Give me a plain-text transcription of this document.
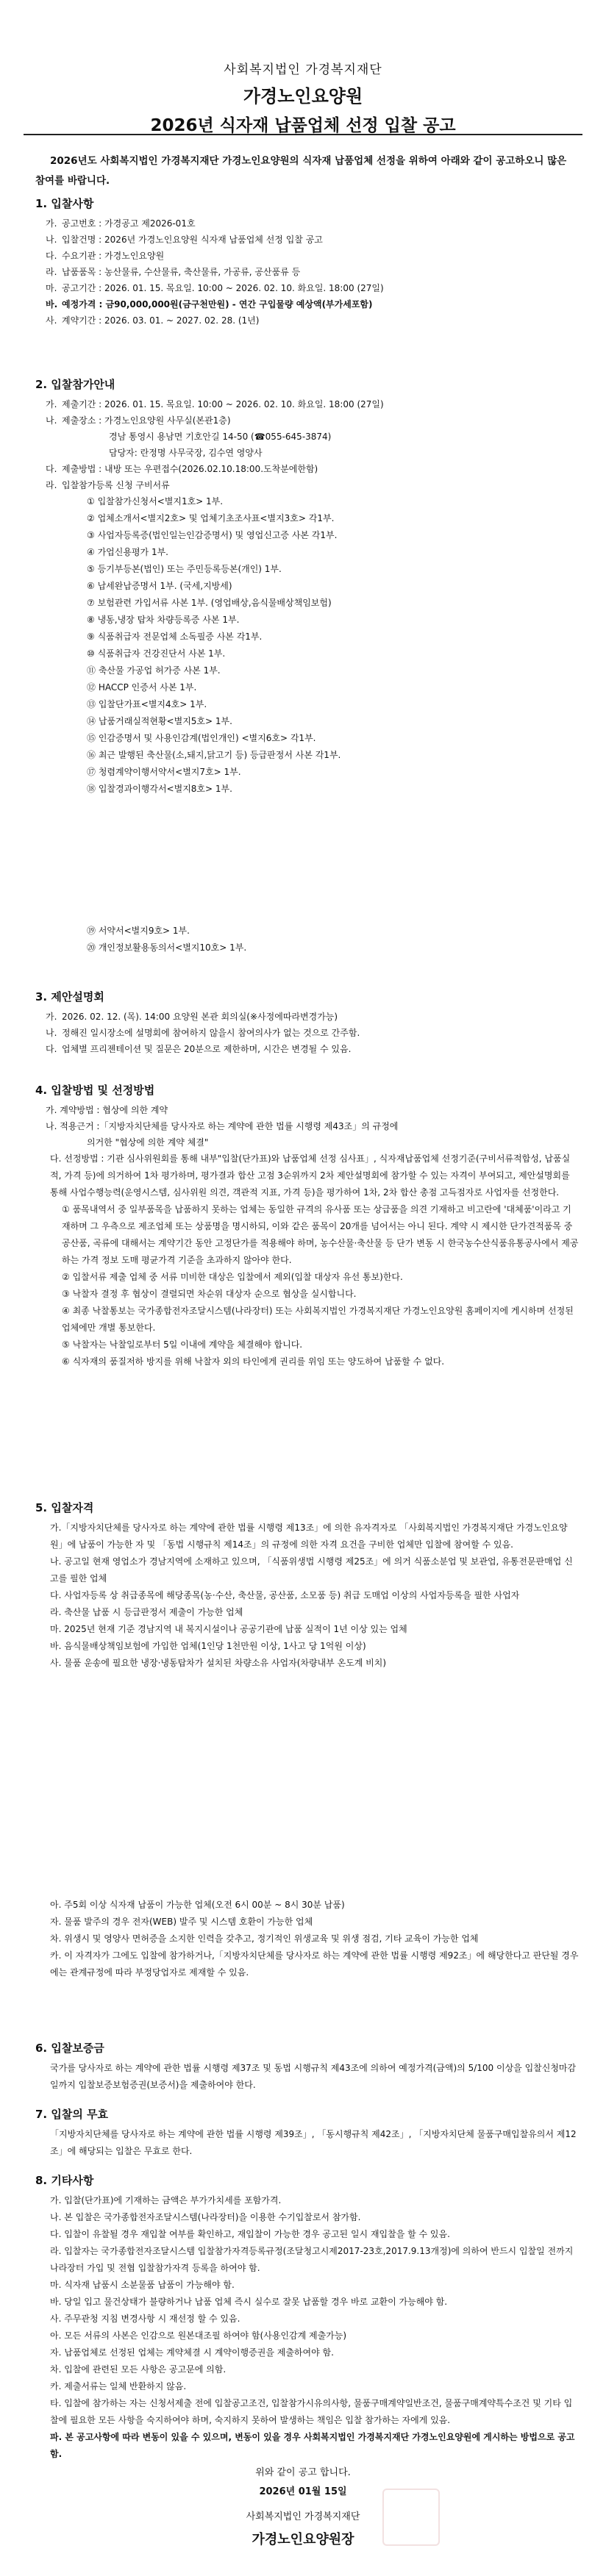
사회복지법인 가경복지재단
가경노인요양원
2026년 식자재 납품업체 선정 입찰 공고
2026년도 사회복지법인 가경복지재단 가경노인요양원의 식자재 납품업체 선정을 위하여 아래와 같이 공고하오니 많은 참여를 바랍니다.
1. 입찰사항
가. 공고번호 : 가경공고 제2026-01호
나. 입찰건명 : 2026년 가경노인요양원 식자재 납품업체 선정 입찰 공고
다. 수요기관 : 가경노인요양원
라. 납품품목 : 농산물류, 수산물류, 축산물류, 가공류, 공산품류 등
마. 공고기간 : 2026. 01. 15. 목요일. 10:00 ~ 2026. 02. 10. 화요일. 18:00 (27일)
바. 예정가격 : 금90,000,000원(금구천만원) - 연간 구입물량 예상액(부가세포함)
사. 계약기간 : 2026. 03. 01. ~ 2027. 02. 28. (1년)
2. 입찰참가안내
가. 제출기간 : 2026. 01. 15. 목요일. 10:00 ~ 2026. 02. 10. 화요일. 18:00 (27일)
나. 제출장소 : 가경노인요양원 사무실(본관1층)
경남 통영시 용남면 기호안길 14-50 (☎055-645-3874)
담당자: 란정명 사무국장, 김수연 영양사
다. 제출방법 : 내방 또는 우편접수(2026.02.10.18:00.도착분에한함)
라. 입찰참가등록 신청 구비서류
① 입찰참가신청서<별지1호> 1부.
② 업체소개서<별지2호> 및 업체기초조사표<별지3호> 각1부.
③ 사업자등록증(법인일는인감증명서) 및 영업신고증 사본 각1부.
④ 가업신용평가 1부.
⑤ 등기부등본(법인) 또는 주민등록등본(개인) 1부.
⑥ 납세완납증명서 1부. (국세,지방세)
⑦ 보험관련 가입서류 사본 1부. (영업배상,음식물배상책임보험)
⑧ 냉동,냉장 탑차 차량등록증 사본 1부.
⑨ 식품취급자 전문업체 소독필증 사본 각1부.
⑩ 식품취급자 건강진단서 사본 1부.
⑪ 축산물 가공업 허가증 사본 1부.
⑫ HACCP 인증서 사본 1부.
⑬ 입찰단가표<별지4호> 1부.
⑭ 납품거래실적현황<별지5호> 1부.
⑮ 인감증명서 및 사용인감계(법인개인) <별지6호> 각1부.
⑯ 최근 발행된 축산물(소,돼지,닭고기 등) 등급판정서 사본 각1부.
⑰ 청렴계약이행서약서<별지7호> 1부.
⑱ 입찰경과이행각서<별지8호> 1부.
⑲ 서약서<별지9호> 1부.
⑳ 개인정보활용동의서<별지10호> 1부.
3. 제안설명회
가. 2026. 02. 12. (목). 14:00 요양원 본관 회의실(※사정에따라변경가능)
나. 정해진 일시장소에 설명회에 참여하지 않을시 참여의사가 없는 것으로 간주함.
다. 업체별 프리젠테이션 및 질문은 20분으로 제한하며, 시간은 변경될 수 있음.
4. 입찰방법 및 선정방법
가. 계약방법 : 협상에 의한 계약
나. 적용근거 :「지방자치단체를 당사자로 하는 계약에 관한 법률 시행령 제43조」의 규정에
의거한 "협상에 의한 계약 체결"
다. 선정방법 : 기관 심사위원회를 통해 내부"입찰(단가표)와 납품업체 선정 심사표」, 식자재납품업체 선정기준(구비서류적합성, 납품실적, 가격 등)에 의거하여 1차 평가하며, 평가결과 합산 고점 3순위까지 2차 제안설명회에 참가할 수 있는 자격이 부여되고, 제안설명회를 통해 사업수행능력(운영시스템, 심사위원 의견, 객관적 지표, 가격 등)을 평가하여 1차, 2차 합산 총점 고득점자로 사업자를 선정한다.
① 품목내역서 중 일부품목을 납품하지 못하는 업체는 동일한 규격의 유사품 또는 상급품을 의견 기재하고 비고란에 '대체품'이라고 기재하며 그 우측으로 제조업체 또는 상품명을 명시하되, 이와 같은 품목이 20개를 넘어서는 아니 된다. 계약 시 제시한 단가견적품목 중 공산품, 곡류에 대해서는 계약기간 동안 고정단가를 적용해야 하며, 농수산물·축산물 등 단가 변동 시 한국농수산식품유통공사에서 제공하는 가격 정보 도매 평균가격 기준을 초과하지 않아야 한다.
② 입찰서류 제출 업체 중 서류 미비한 대상은 입찰에서 제외(입찰 대상자 유선 통보)한다.
③ 낙찰자 결정 후 협상이 결렬되면 차순위 대상자 순으로 협상을 실시합니다.
④ 최종 낙찰통보는 국가종합전자조달시스템(나라장터) 또는 사회복지법인 가경복지재단 가경노인요양원 홈페이지에 게시하며 선정된 업체에만 개별 통보한다.
⑤ 낙찰자는 낙찰일로부터 5일 이내에 계약을 체결해야 합니다.
⑥ 식자재의 품질저하 방지를 위해 낙찰자 외의 타인에게 권리를 위임 또는 양도하여 납품할 수 없다.
5. 입찰자격
가.「지방자치단체를 당사자로 하는 계약에 관한 법률 시행령 제13조」에 의한 유자격자로 「사회복지법인 가경복지재단 가경노인요양원」에 납품이 가능한 자 및 「동법 시행규칙 제14조」의 규정에 의한 자격 요건을 구비한 업체만 입찰에 참여할 수 있음.
나. 공고일 현재 영업소가 경남지역에 소재하고 있으며, 「식품위생법 시행령 제25조」에 의거 식품소분업 및 보관업, 유통전문판매업 신고를 필한 업체
다. 사업자등록 상 취급종목에 해당종목(농·수산, 축산물, 공산품, 소모품 등) 취급 도매업 이상의 사업자등록을 필한 사업자
라. 축산물 납품 시 등급판정서 제출이 가능한 업체
마. 2025년 현재 기준 경남지역 내 복지시설이나 공공기관에 납품 실적이 1년 이상 있는 업체
바. 음식물배상책임보험에 가입한 업체(1인당 1천만원 이상, 1사고 당 1억원 이상)
사. 물품 운송에 필요한 냉장·냉동탑차가 설치된 차량소유 사업자(차량내부 온도계 비치)
아. 주5회 이상 식자재 납품이 가능한 업체(오전 6시 00분 ~ 8시 30분 납품)
자. 물품 발주의 경우 전자(WEB) 발주 및 시스템 호환이 가능한 업체
차. 위생시 및 영양사 면허증을 소지한 인력을 갖추고, 정기적인 위생교육 및 위생 점검, 기타 교육이 가능한 업체
카. 이 자격자가 그에도 입찰에 참가하거나,「지방자치단체를 당사자로 하는 계약에 관한 법률 시행령 제92조」에 해당한다고 판단될 경우에는 관계규정에 따라 부정당업자로 제재할 수 있음.
6. 입찰보증금
국가를 당사자로 하는 계약에 관한 법률 시행령 제37조 및 동법 시행규칙 제43조에 의하여 예정가격(금액)의 5/100 이상을 입찰신청마감일까지 입찰보증보험증권(보증서)을 제출하여야 한다.
7. 입찰의 무효
「지방자치단체를 당사자로 하는 계약에 관한 법률 시행령 제39조」, 「동시행규칙 제42조」, 「지방자치단체 물품구매입찰유의서 제12조」에 해당되는 입찰은 무효로 한다.
8. 기타사항
가. 입찰(단가표)에 기재하는 금액은 부가가치세를 포함가격.
나. 본 입찰은 국가종합전자조달시스템(나라장터)을 이용한 수기입찰로서 참가함.
다. 입찰이 유찰될 경우 재입찰 여부를 확인하고, 재입찰이 가능한 경우 공고된 일시 재입찰을 할 수 있음.
라. 입찰자는 국가종합전자조달시스템 입찰참가자격등록규정(조달청고시제2017-23호,2017.9.13개정)에 의하여 반드시 입찰일 전까지 나라장터 가입 및 전협 입찰참가자격 등록을 하여야 함.
마. 식자재 납품시 소분물품 납품이 가능해야 함.
바. 당일 입고 물건상태가 불량하거나 납품 업체 즉시 실수로 잘못 납품할 경우 바로 교환이 가능해야 함.
사. 주무관청 지침 변경사항 시 재선정 할 수 있음.
아. 모든 서류의 사본은 인감으로 원본대조필 하여야 함(사용인감계 제출가능)
자. 납품업체로 선정된 업체는 계약체결 시 계약이행증권을 제출하여야 함.
차. 입찰에 관련된 모든 사항은 공고문에 의함.
카. 제출서류는 일체 반환하지 않음.
타. 입찰에 참가하는 자는 신청서제출 전에 입찰공고조건, 입찰참가시유의사항, 물품구매계약일반조건, 물품구매계약특수조건 및 기타 입찰에 필요한 모든 사항을 숙지하여야 하며, 숙지하지 못하여 발생하는 책임은 입찰 참가하는 자에게 있음.
파. 본 공고사항에 따라 변동이 있을 수 있으며, 변동이 있을 경우 사회복지법인 가경복지재단 가경노인요양원에 게시하는 방법으로 공고함.
위와 같이 공고 합니다.
2026년 01월 15일
사회복지법인 가경복지재단
가경노인요양원장
